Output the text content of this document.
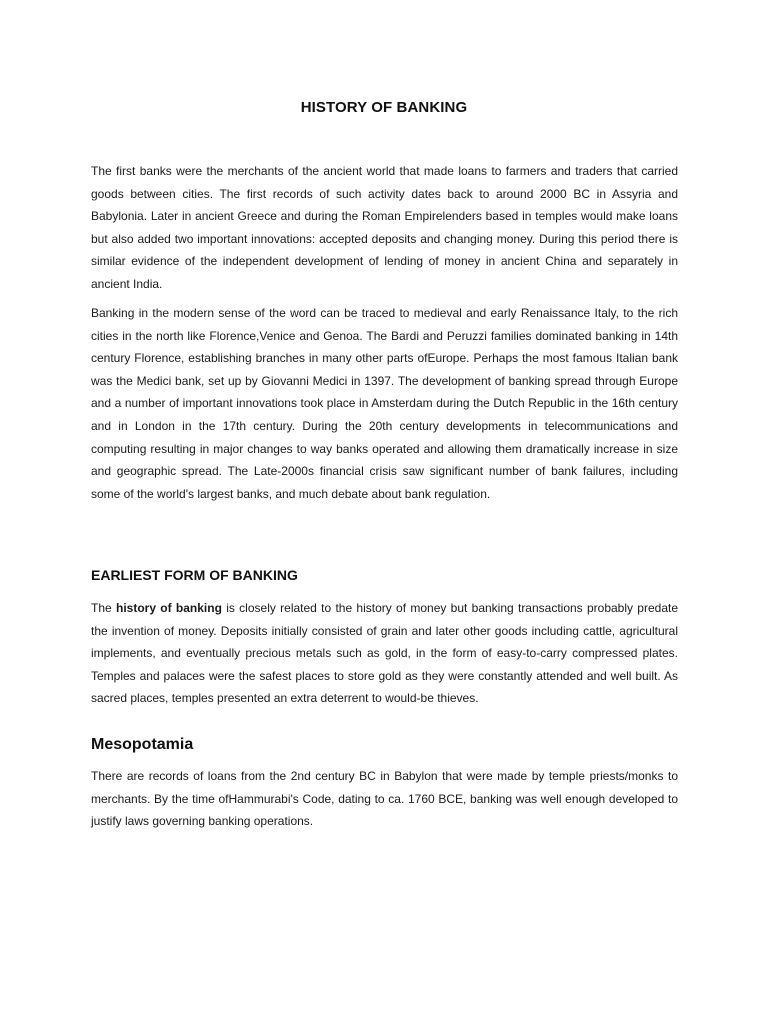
HISTORY OF BANKING

The first banks were the merchants of the ancient world that made loans to farmers and traders that carried goods between cities. The first records of such activity dates back to around 2000 BC in Assyria and Babylonia. Later in ancient Greece and during the Roman Empirelenders based in temples would make loans but also added two important innovations: accepted deposits and changing money. During this period there is similar evidence of the independent development of lending of money in ancient China and separately in ancient India.

Banking in the modern sense of the word can be traced to medieval and early Renaissance Italy, to the rich cities in the north like Florence,Venice and Genoa. The Bardi and Peruzzi families dominated banking in 14th century Florence, establishing branches in many other parts ofEurope. Perhaps the most famous Italian bank was the Medici bank, set up by Giovanni Medici in 1397. The development of banking spread through Europe and a number of important innovations took place in Amsterdam during the Dutch Republic in the 16th century and in London in the 17th century. During the 20th century developments in telecommunications and computing resulting in major changes to way banks operated and allowing them dramatically increase in size and geographic spread. The Late-2000s financial crisis saw significant number of bank failures, including some of the world's largest banks, and much debate about bank regulation.

EARLIEST FORM OF BANKING

The history of banking is closely related to the history of money but banking transactions probably predate the invention of money. Deposits initially consisted of grain and later other goods including cattle, agricultural implements, and eventually precious metals such as gold, in the form of easy-to-carry compressed plates. Temples and palaces were the safest places to store gold as they were constantly attended and well built. As sacred places, temples presented an extra deterrent to would-be thieves.

Mesopotamia

There are records of loans from the 2nd century BC in Babylon that were made by temple priests/monks to merchants. By the time ofHammurabi's Code, dating to ca. 1760 BCE, banking was well enough developed to justify laws governing banking operations.
